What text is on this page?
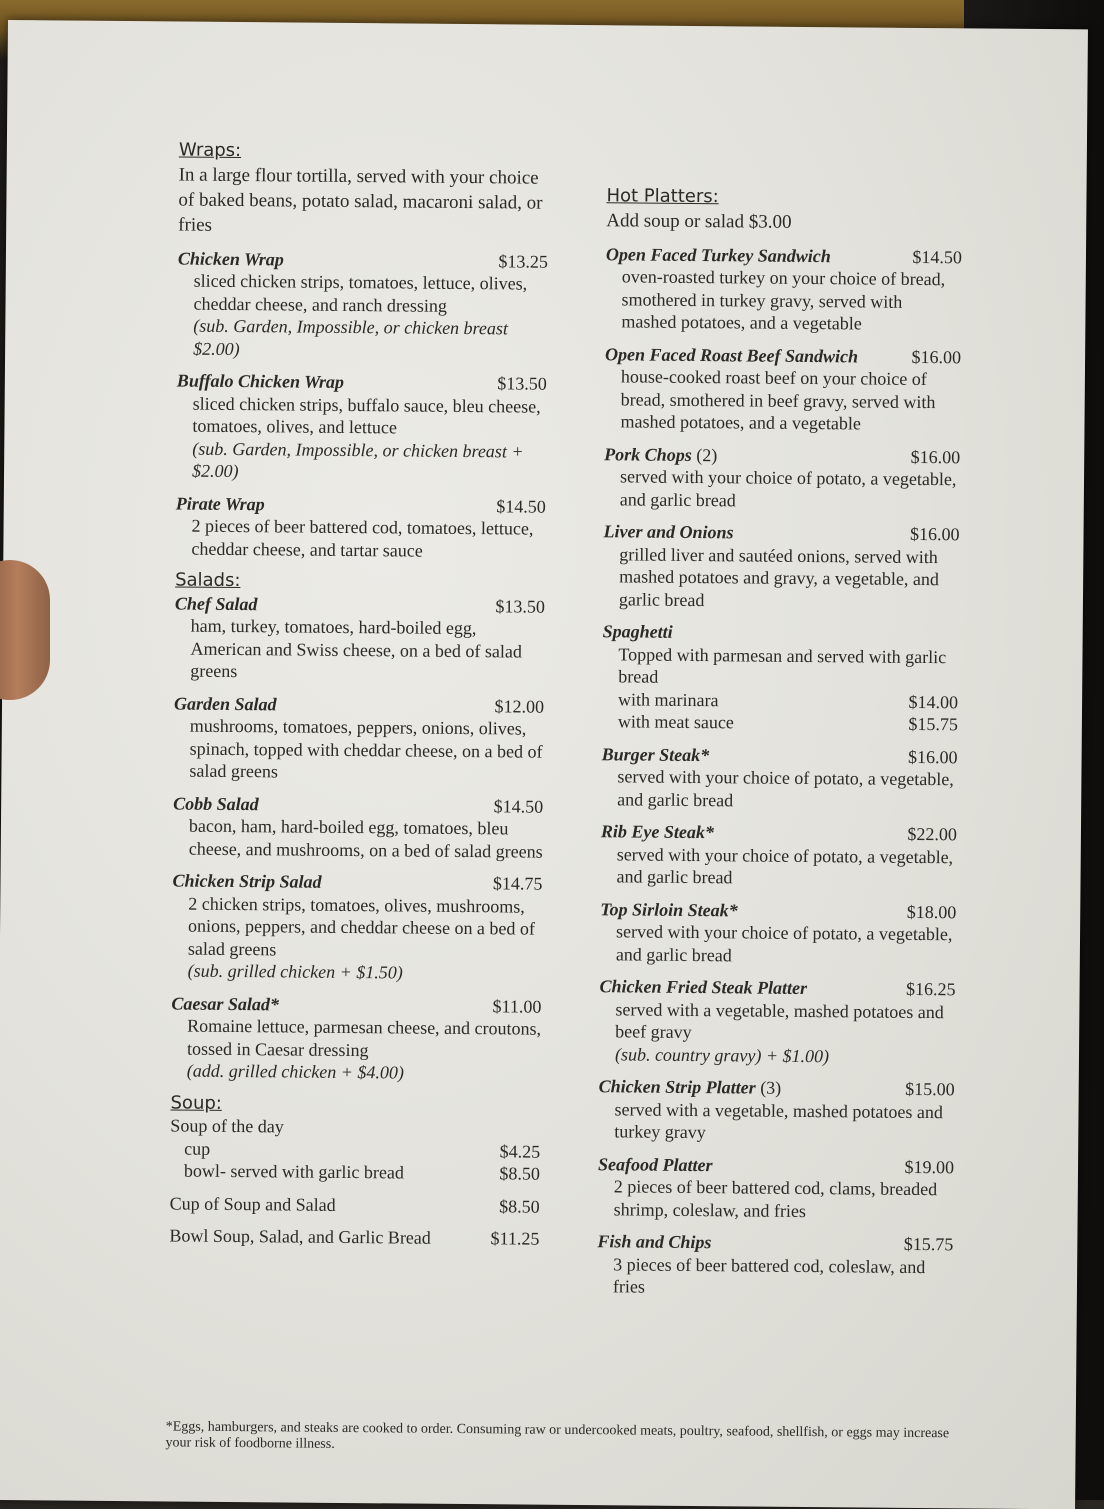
Wraps:
In a large flour tortilla, served with your choice of baked beans, potato salad, macaroni salad, or fries
Chicken Wrap	$13.25
sliced chicken strips, tomatoes, lettuce, olives, cheddar cheese, and ranch dressing
(sub. Garden, Impossible, or chicken breast $2.00)
Buffalo Chicken Wrap	$13.50
sliced chicken strips, buffalo sauce, bleu cheese, tomatoes, olives, and lettuce
(sub. Garden, Impossible, or chicken breast + $2.00)
Pirate Wrap	$14.50
2 pieces of beer battered cod, tomatoes, lettuce, cheddar cheese, and tartar sauce
Salads:
Chef Salad	$13.50
ham, turkey, tomatoes, hard-boiled egg, American and Swiss cheese, on a bed of salad greens
Garden Salad	$12.00
mushrooms, tomatoes, peppers, onions, olives, spinach, topped with cheddar cheese, on a bed of salad greens
Cobb Salad	$14.50
bacon, ham, hard-boiled egg, tomatoes, bleu cheese, and mushrooms, on a bed of salad greens
Chicken Strip Salad	$14.75
2 chicken strips, tomatoes, olives, mushrooms, onions, peppers, and cheddar cheese on a bed of salad greens
(sub. grilled chicken + $1.50)
Caesar Salad*	$11.00
Romaine lettuce, parmesan cheese, and croutons, tossed in Caesar dressing
(add. grilled chicken + $4.00)
Soup:
Soup of the day
cup	$4.25
bowl- served with garlic bread	$8.50
Cup of Soup and Salad	$8.50
Bowl Soup, Salad, and Garlic Bread	$11.25
Hot Platters:
Add soup or salad $3.00
Open Faced Turkey Sandwich	$14.50
oven-roasted turkey on your choice of bread, smothered in turkey gravy, served with mashed potatoes, and a vegetable
Open Faced Roast Beef Sandwich	$16.00
house-cooked roast beef on your choice of bread, smothered in beef gravy, served with mashed potatoes, and a vegetable
Pork Chops (2)	$16.00
served with your choice of potato, a vegetable, and garlic bread
Liver and Onions	$16.00
grilled liver and sautéed onions, served with mashed potatoes and gravy, a vegetable, and garlic bread
Spaghetti
Topped with parmesan and served with garlic bread
with marinara	$14.00
with meat sauce	$15.75
Burger Steak*	$16.00
served with your choice of potato, a vegetable, and garlic bread
Rib Eye Steak*	$22.00
served with your choice of potato, a vegetable, and garlic bread
Top Sirloin Steak*	$18.00
served with your choice of potato, a vegetable, and garlic bread
Chicken Fried Steak Platter	$16.25
served with a vegetable, mashed potatoes and beef gravy
(sub. country gravy) + $1.00)
Chicken Strip Platter (3)	$15.00
served with a vegetable, mashed potatoes and turkey gravy
Seafood Platter	$19.00
2 pieces of beer battered cod, clams, breaded shrimp, coleslaw, and fries
Fish and Chips	$15.75
3 pieces of beer battered cod, coleslaw, and fries
*Eggs, hamburgers, and steaks are cooked to order. Consuming raw or undercooked meats, poultry, seafood, shellfish, or eggs may increase your risk of foodborne illness.
